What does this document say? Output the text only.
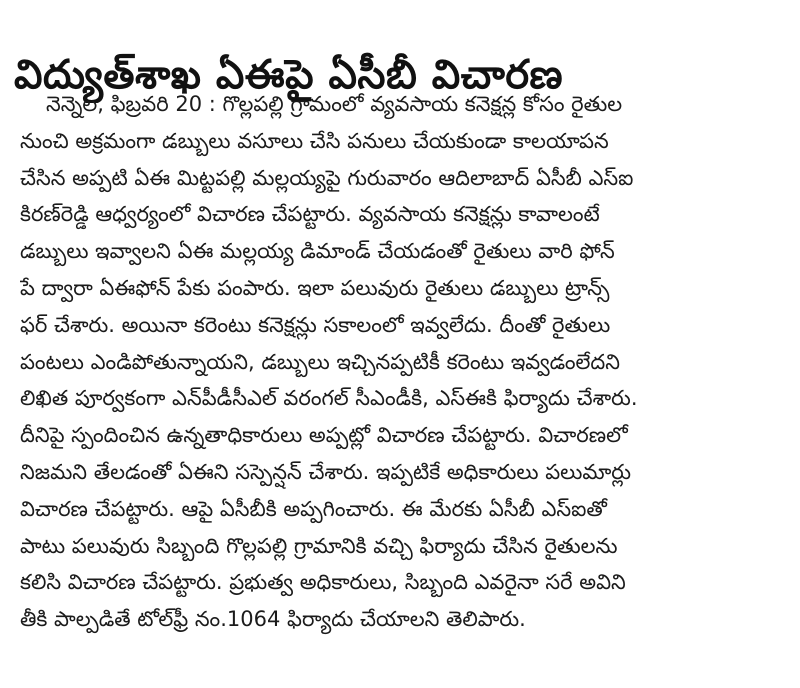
విద్యుత్‌శాఖ ఏఈపై ఏసీబీ విచారణ
నెన్నెల, ఫిబ్రవరి 20 : గొల్లపల్లి గ్రామంలో వ్యవసాయ కనెక్షన్ల కోసం రైతుల
నుంచి అక్రమంగా డబ్బులు వసూలు చేసి పనులు చేయకుండా కాలయాపన
చేసిన అప్పటి ఏఈ మిట్టపల్లి మల్లయ్యపై గురువారం ఆదిలాబాద్‌ ఏసీబీ ఎస్‌ఐ
కిరణ్‌రెడ్డి ఆధ్వర్యంలో విచారణ చేపట్టారు. వ్యవసాయ కనెక్షన్లు కావాలంటే
డబ్బులు ఇవ్వాలని ఏఈ మల్లయ్య డిమాండ్‌ చేయడంతో రైతులు వారి ఫోన్‌
పే ద్వారా ఏఈఫోన్‌ పేకు పంపారు. ఇలా పలువురు రైతులు డబ్బులు ట్రాన్స్‌
ఫర్‌ చేశారు. అయినా కరెంటు కనెక్షన్లు సకాలంలో ఇవ్వలేదు. దీంతో రైతులు
పంటలు ఎండిపోతున్నాయని, డబ్బులు ఇచ్చినప్పటికీ కరెంటు ఇవ్వడంలేదని
లిఖిత పూర్వకంగా ఎన్‌పీడీసీఎల్‌ వరంగల్‌ సీఎండీకి, ఎస్‌ఈకి ఫిర్యాదు చేశారు.
దీనిపై స్పందించిన ఉన్నతాధికారులు అప్పట్లో విచారణ చేపట్టారు. విచారణలో
నిజమని తేలడంతో ఏఈని సస్పెన్షన్‌ చేశారు. ఇప్పటికే అధికారులు పలుమార్లు
విచారణ చేపట్టారు. ఆపై ఏసీబీకి అప్పగించారు. ఈ మేరకు ఏసీబీ ఎస్‌ఐతో
పాటు పలువురు సిబ్బంది గొల్లపల్లి గ్రామానికి వచ్చి ఫిర్యాదు చేసిన రైతులను
కలిసి విచారణ చేపట్టారు. ప్రభుత్వ అధికారులు, సిబ్బంది ఎవరైనా సరే అవిని
తీకి పాల్పడితే టోల్‌ఫ్రీ నం.1064 ఫిర్యాదు చేయాలని తెలిపారు.
